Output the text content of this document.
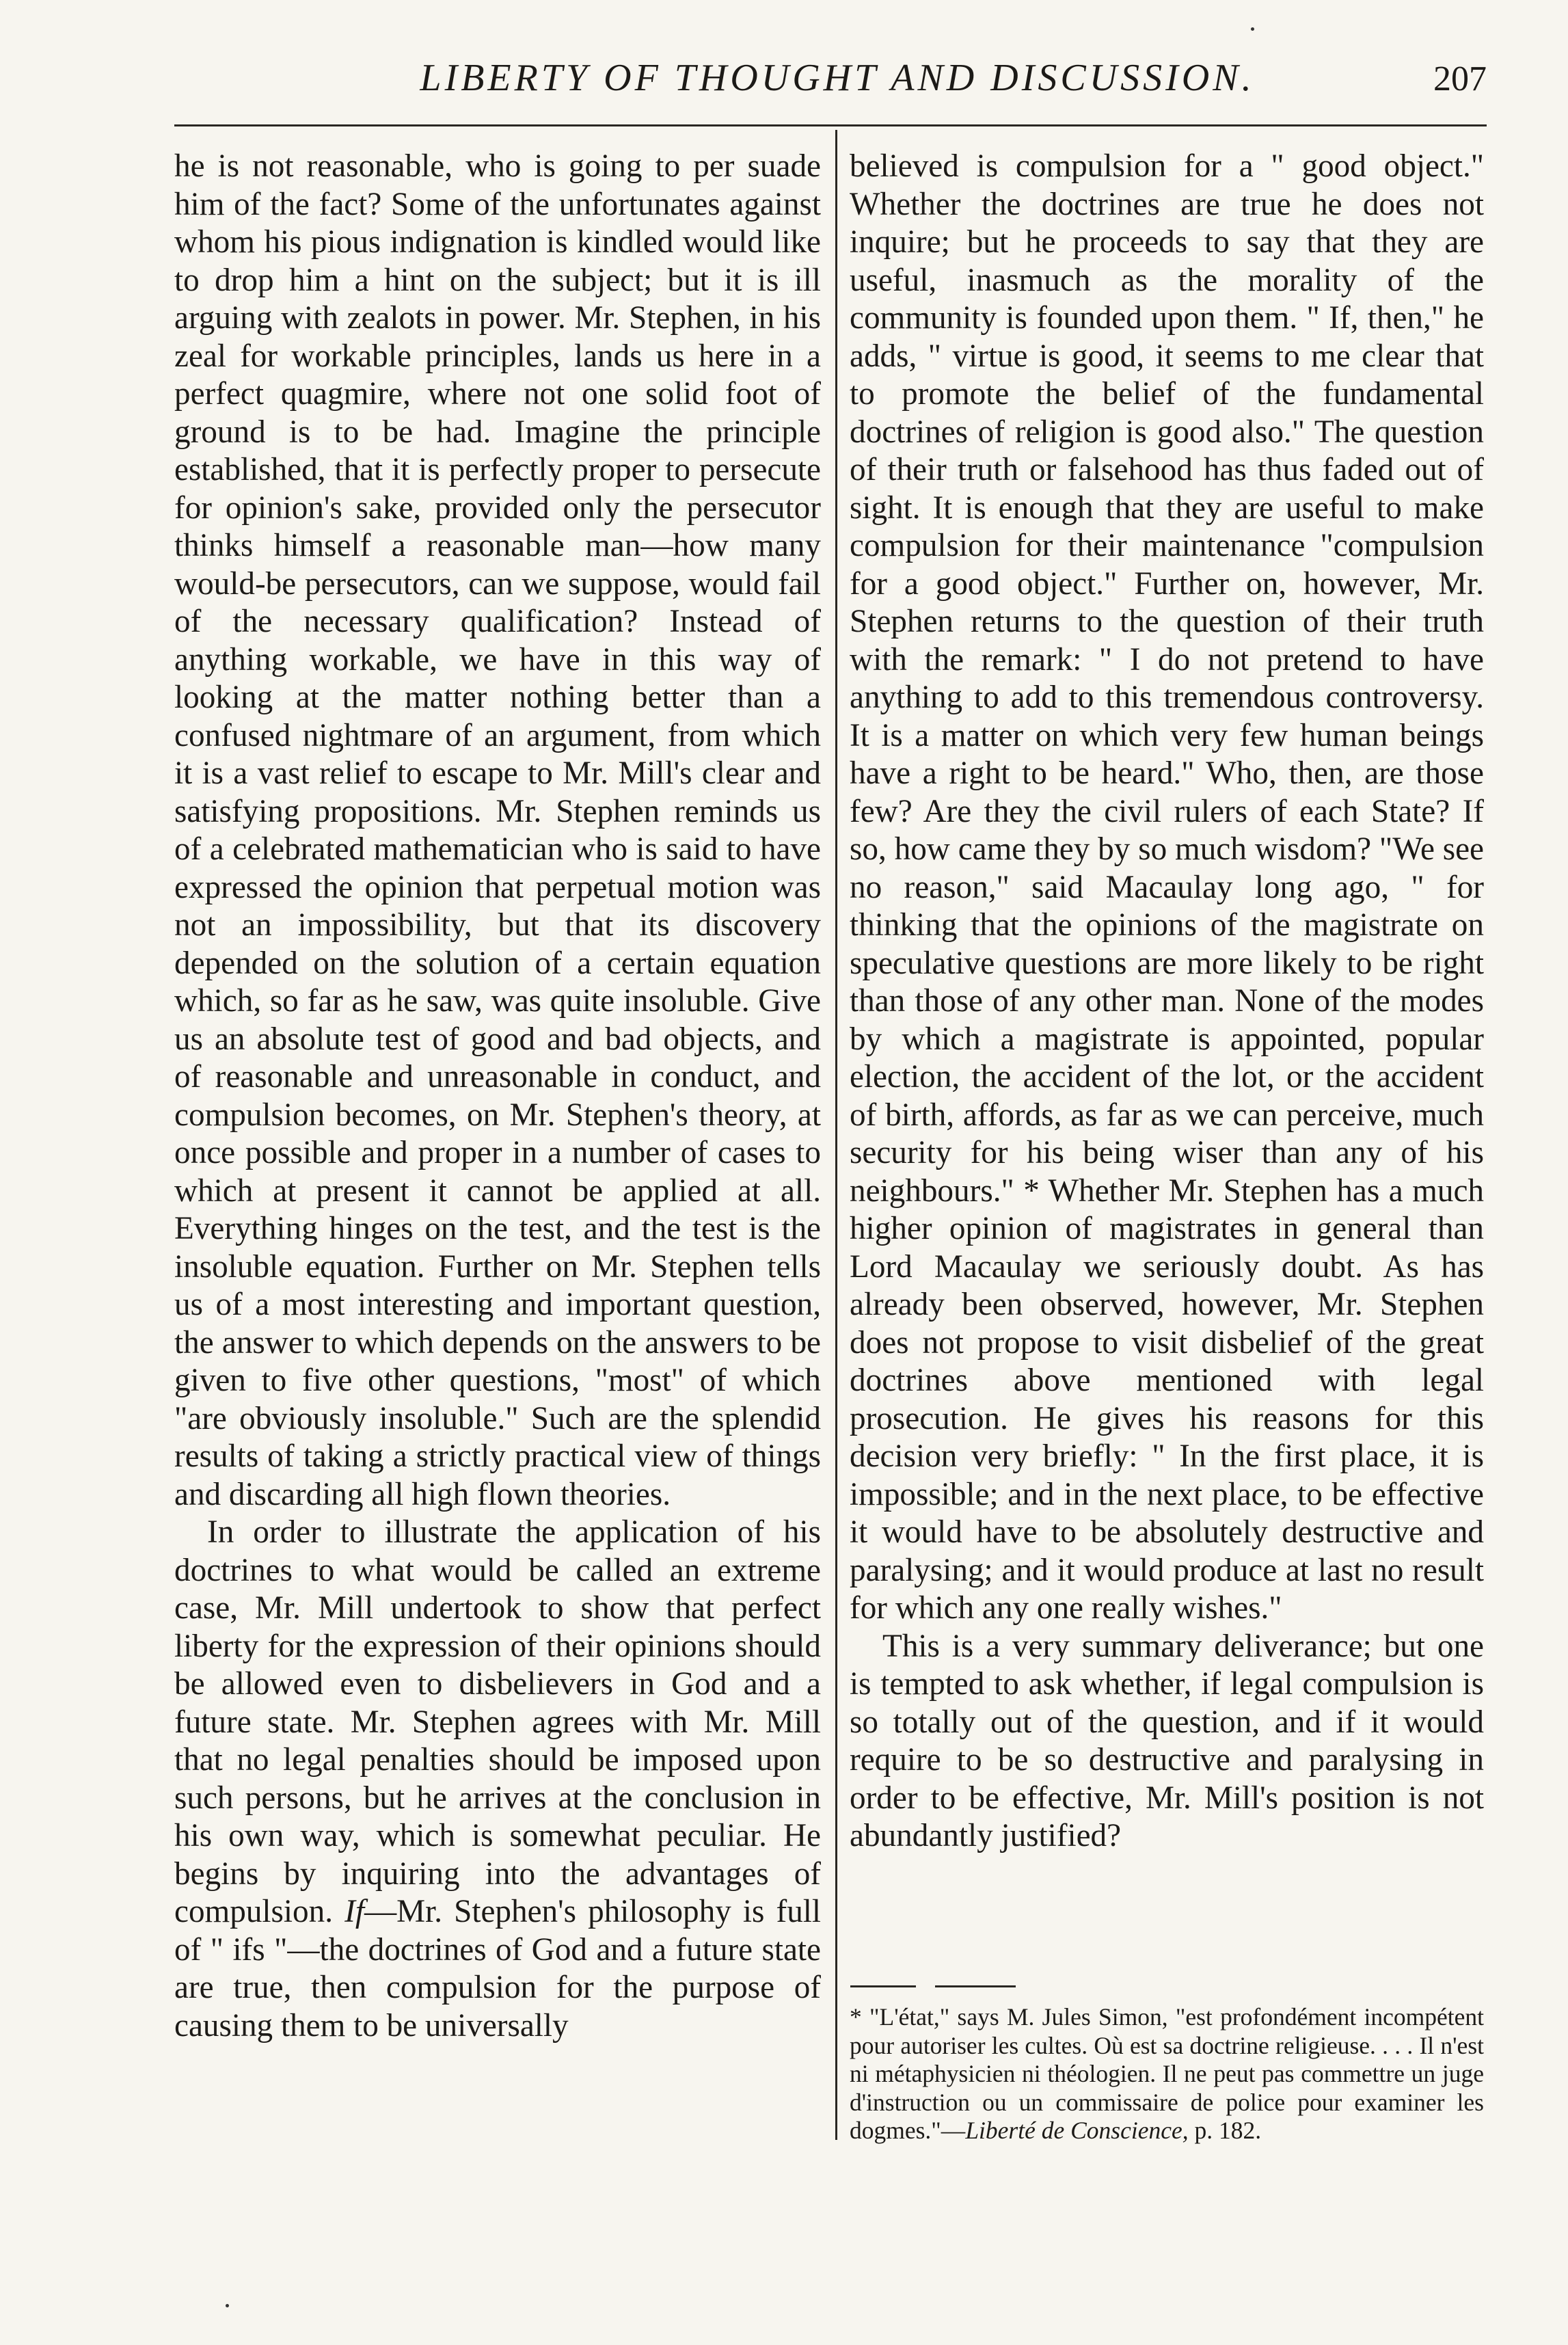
LIBERTY OF THOUGHT AND DISCUSSION.	207

he is not reasonable, who is going to per suade him of the fact? Some of the unfortunates against whom his pious indignation is kindled would like to drop him a hint on the subject; but it is ill arguing with zealots in power. Mr. Stephen, in his zeal for workable principles, lands us here in a perfect quagmire, where not one solid foot of ground is to be had. Imagine the principle established, that it is perfectly proper to persecute for opinion's sake, provided only the persecutor thinks himself a reasonable man—how many would-be persecutors, can we suppose, would fail of the necessary qualification? Instead of anything workable, we have in this way of looking at the matter nothing better than a confused nightmare of an argument, from which it is a vast relief to escape to Mr. Mill's clear and satisfying propositions. Mr. Stephen reminds us of a celebrated mathematician who is said to have expressed the opinion that perpetual motion was not an impossibility, but that its discovery depended on the solution of a certain equation which, so far as he saw, was quite insoluble. Give us an absolute test of good and bad objects, and of reasonable and unreasonable in conduct, and compulsion becomes, on Mr. Stephen's theory, at once possible and proper in a number of cases to which at present it cannot be applied at all. Everything hinges on the test, and the test is the insoluble equation. Further on Mr. Stephen tells us of a most interesting and important question, the answer to which depends on the answers to be given to five other questions, "most" of which "are obviously insoluble." Such are the splendid results of taking a strictly practical view of things and discarding all high flown theories.

In order to illustrate the application of his doctrines to what would be called an extreme case, Mr. Mill undertook to show that perfect liberty for the expression of their opinions should be allowed even to disbelievers in God and a future state. Mr. Stephen agrees with Mr. Mill that no legal penalties should be imposed upon such persons, but he arrives at the conclusion in his own way, which is somewhat peculiar. He begins by inquiring into the advantages of compulsion. If—Mr. Stephen's philosophy is full of " ifs "—the doctrines of God and a future state are true, then compulsion for the purpose of causing them to be universally

believed is compulsion for a " good object." Whether the doctrines are true he does not inquire; but he proceeds to say that they are useful, inasmuch as the morality of the community is founded upon them. " If, then," he adds, " virtue is good, it seems to me clear that to promote the belief of the fundamental doctrines of religion is good also." The question of their truth or falsehood has thus faded out of sight. It is enough that they are useful to make compulsion for their maintenance "compulsion for a good object." Further on, however, Mr. Stephen returns to the question of their truth with the remark: " I do not pretend to have anything to add to this tremendous controversy. It is a matter on which very few human beings have a right to be heard." Who, then, are those few? Are they the civil rulers of each State? If so, how came they by so much wisdom? "We see no reason," said Macaulay long ago, " for thinking that the opinions of the magistrate on speculative questions are more likely to be right than those of any other man. None of the modes by which a magistrate is appointed, popular election, the accident of the lot, or the accident of birth, affords, as far as we can perceive, much security for his being wiser than any of his neighbours." * Whether Mr. Stephen has a much higher opinion of magistrates in general than Lord Macaulay we seriously doubt. As has already been observed, however, Mr. Stephen does not propose to visit disbelief of the great doctrines above mentioned with legal prosecution. He gives his reasons for this decision very briefly: " In the first place, it is impossible; and in the next place, to be effective it would have to be absolutely destructive and paralysing; and it would produce at last no result for which any one really wishes."

This is a very summary deliverance; but one is tempted to ask whether, if legal compulsion is so totally out of the question, and if it would require to be so destructive and paralysing in order to be effective, Mr. Mill's position is not abundantly justified?

* "L'état," says M. Jules Simon, "est profondément incompétent pour autoriser les cultes. Où est sa doctrine religieuse. . . . Il n'est ni métaphysicien ni théologien. Il ne peut pas commettre un juge d'instruction ou un commissaire de police pour examiner les dogmes."—Liberté de Conscience, p. 182.
